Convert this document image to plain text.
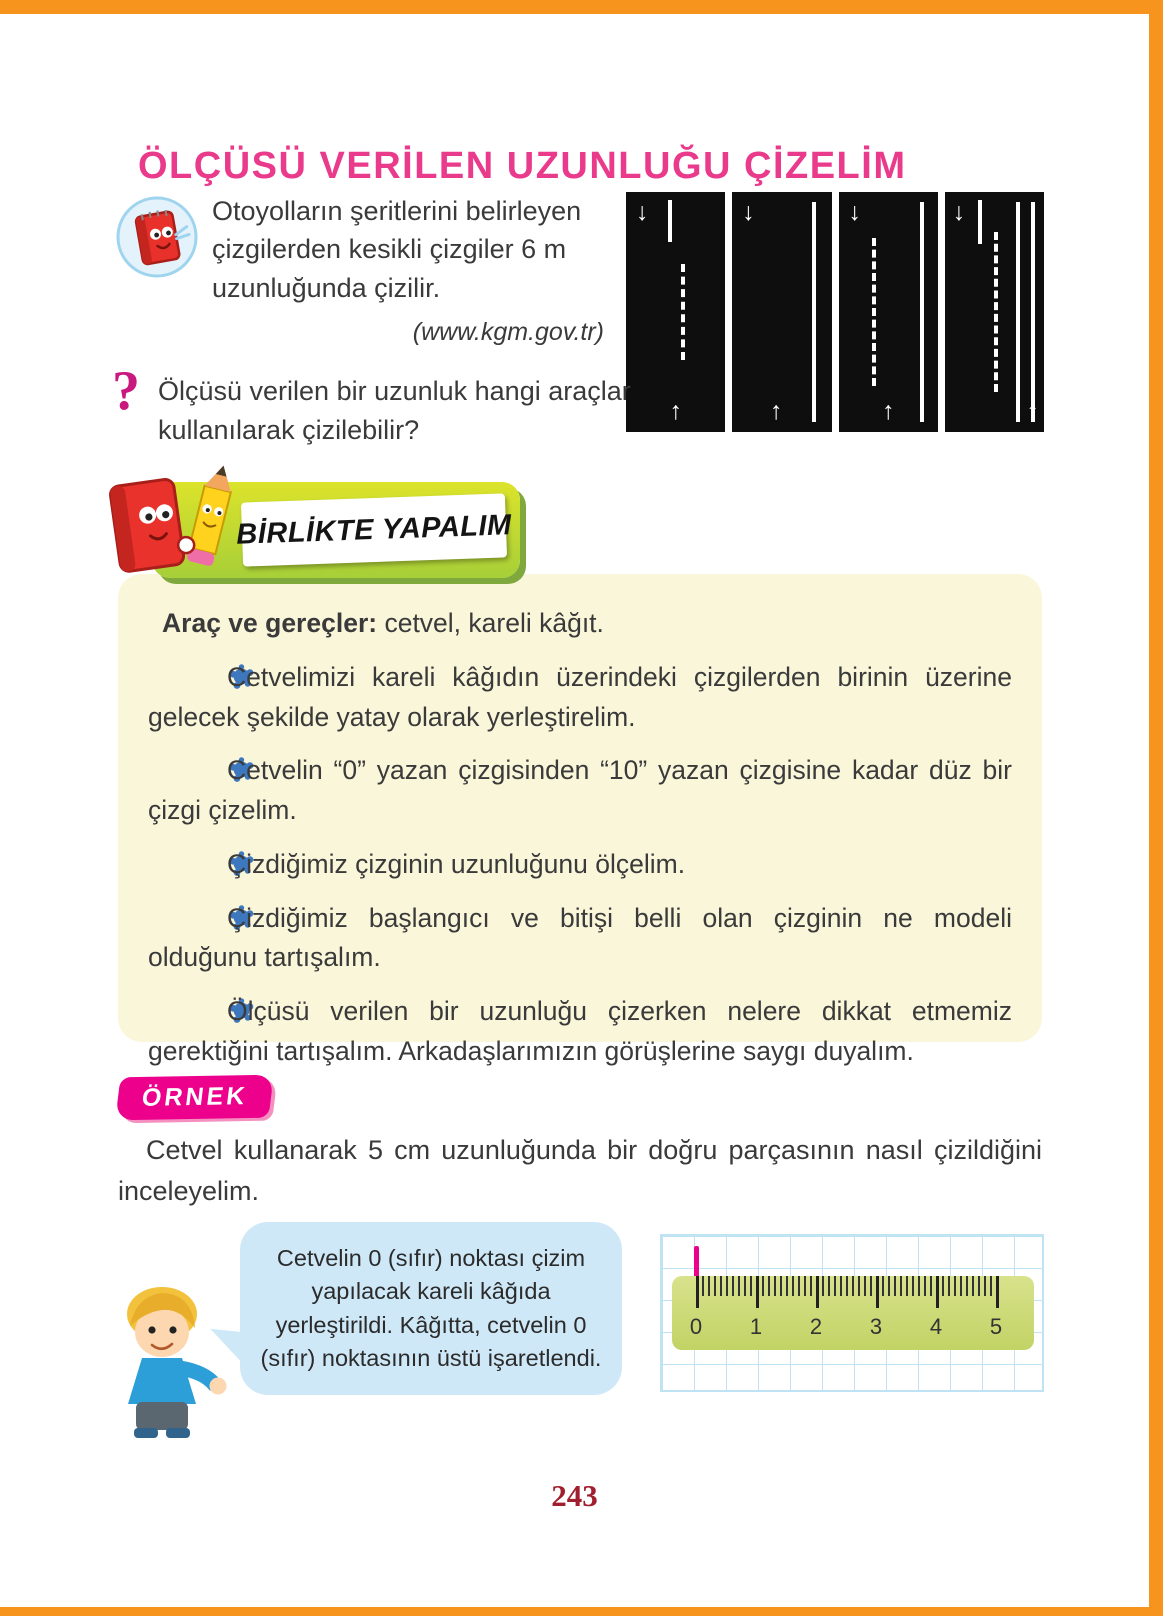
ÖLÇÜSÜ VERİLEN UZUNLUĞU ÇİZELİM
Otoyolların şeritlerini belirleyen çizgilerden kesikli çizgiler 6 m uzunluğunda çizilir.
(www.kgm.gov.tr)
↓
↑
↓
↑
↓
↑
↓
↑
? Ölçüsü verilen bir uzunluk hangi araçlar kullanılarak çizilebilir?

Araç ve gereçler: cetvel, kareli kâğıt.

Cetvelimizi kareli kâğıdın üzerindeki çizgilerden birinin üzerine gelecek şekilde yatay olarak yerleştirelim.

Cetvelin “0” yazan çizgisinden “10” yazan çizgisine kadar düz bir çizgi çizelim.

Çizdiğimiz çizginin uzunluğunu ölçelim.

Çizdiğimiz başlangıcı ve bitişi belli olan çizginin ne modeli olduğunu tartışalım.

Ölçüsü verilen bir uzunluğu çizerken nelere dikkat etmemiz gerektiğini tartışalım. Arkadaşlarımızın görüşlerine saygı duyalım.

BİRLİKTE YAPALIM
ÖRNEK
Cetvel kullanarak 5 cm uzunluğunda bir doğru parçasının nasıl çizildiğini inceleyelim.
Cetvelin 0 (sıfır) noktası çizim yapılacak kareli kâğıda yerleştirildi. Kâğıtta, cetvelin 0 (sıfır) noktasının üstü işaretlendi.
0 1 2 3 4 5
243
